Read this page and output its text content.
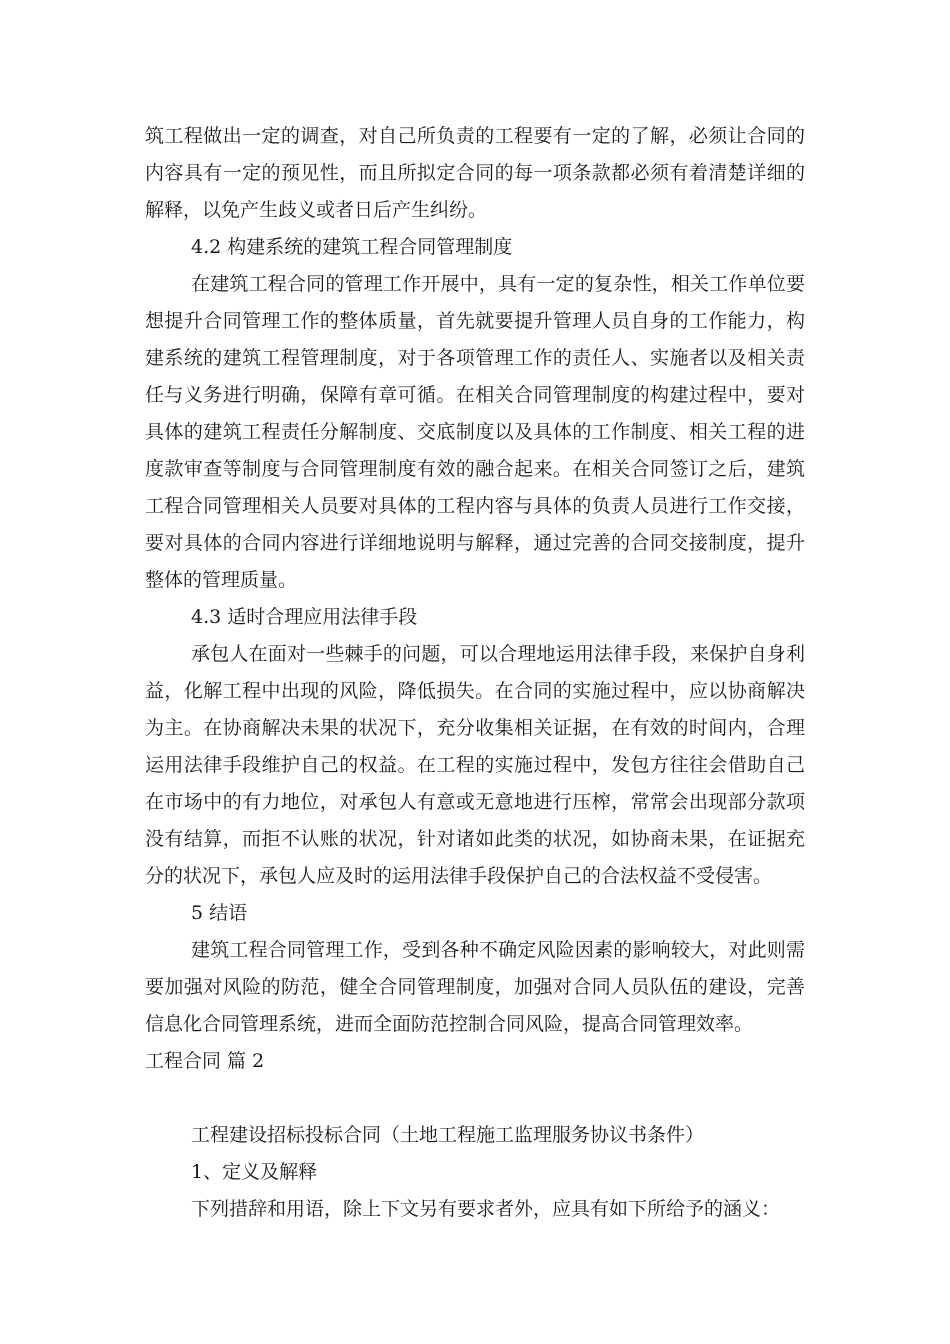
筑工程做出一定的调查，对自己所负责的工程要有一定的了解，必须让合同的
内容具有一定的预见性，而且所拟定合同的每一项条款都必须有着清楚详细的
解释，以免产生歧义或者日后产生纠纷。
4.2 构建系统的建筑工程合同管理制度
在建筑工程合同的管理工作开展中，具有一定的复杂性，相关工作单位要
想提升合同管理工作的整体质量，首先就要提升管理人员自身的工作能力，构
建系统的建筑工程管理制度，对于各项管理工作的责任人、实施者以及相关责
任与义务进行明确，保障有章可循。在相关合同管理制度的构建过程中，要对
具体的建筑工程责任分解制度、交底制度以及具体的工作制度、相关工程的进
度款审查等制度与合同管理制度有效的融合起来。在相关合同签订之后，建筑
工程合同管理相关人员要对具体的工程内容与具体的负责人员进行工作交接，
要对具体的合同内容进行详细地说明与解释，通过完善的合同交接制度，提升
整体的管理质量。
4.3 适时合理应用法律手段
承包人在面对一些棘手的问题，可以合理地运用法律手段，来保护自身利
益，化解工程中出现的风险，降低损失。在合同的实施过程中，应以协商解决
为主。在协商解决未果的状况下，充分收集相关证据，在有效的时间内，合理
运用法律手段维护自己的权益。在工程的实施过程中，发包方往往会借助自己
在市场中的有力地位，对承包人有意或无意地进行压榨，常常会出现部分款项
没有结算，而拒不认账的状况，针对诸如此类的状况，如协商未果，在证据充
分的状况下，承包人应及时的运用法律手段保护自己的合法权益不受侵害。
5 结语
建筑工程合同管理工作，受到各种不确定风险因素的影响较大，对此则需
要加强对风险的防范，健全合同管理制度，加强对合同人员队伍的建设，完善
信息化合同管理系统，进而全面防范控制合同风险，提高合同管理效率。
工程合同 篇 2
工程建设招标投标合同（土地工程施工监理服务协议书条件）
1、定义及解释
下列措辞和用语，除上下文另有要求者外，应具有如下所给予的涵义：
